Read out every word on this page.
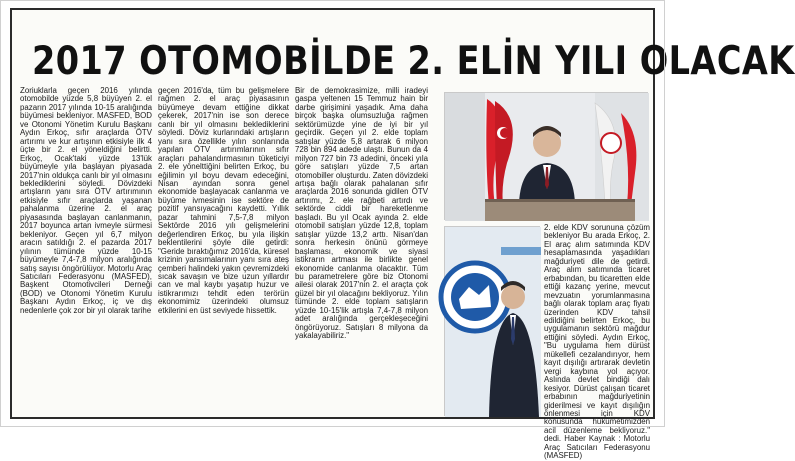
2017 OTOMOBİLDE 2. ELİN YILI OLACAK

Zoriuklarla geçen 2016 yılında otomobilde yüzde 5,8 büyüyen 2. el pazarın 2017 yılında 10-15 aralığında büyümesi bekleniyor. MASFED, BOD ve Otonomi Yönetim Kurulu Başkanı Aydın Erkoç, sıfır araçlarda ÖTV artırımı ve kur artışının etkisiyle ilk 4 üçte bir 2. el yöneldiğini belirtti. Erkoç, Ocak'taki yüzde 13'lük büyümeyle yıla başlayan piyasada 2017'nin oldukça canlı bir yıl olmasını beklediklerini söyledi. Dövizdeki artışların yanı sıra ÖTV artırımının etkisiyle sıfır araçlarda yaşanan pahalanma üzerine 2. el araç piyasasında başlayan canlanmanın, 2017 boyunca artan ivmeyle sürmesi bekleniyor. Geçen yıl 6,7 milyon aracın satıldığı 2. el pazarda 2017 yılının tümünde yüzde 10-15 büyümeyle 7,4-7,8 milyon aralığında satış sayısı öngörülüyor. Motorlu Araç Satıcıları Federasyonu (MASFED), Başkent Otomotivcileri Derneği (BOD) ve Otonomi Yönetim Kurulu Başkanı Aydın Erkoç, iç ve dış nedenlerle çok zor bir yıl olarak tarihe

geçen 2016'da, tüm bu gelişmelere rağmen 2. el araç piyasasının büyümeye devam ettiğine dikkat çekerek, 2017'nin ise son derece canlı bir yıl olmasını beklediklerini söyledi. Döviz kurlarındaki artışların yanı sıra özellikle yılın sonlarında yapılan ÖTV artırımlarının sıfır araçları pahalandırmasının tüketiciyi 2. ele yönelttiğini belirten Erkoç, bu eğilimin yıl boyu devam edeceğini, Nisan ayından sonra genel ekonomide başlayacak canlanma ve büyüme ivmesinin ise sektöre de pozitif yansıyacağını kaydetti. Yıllık pazar tahmini 7,5-7,8 milyon Sektörde 2016 yılı gelişmelerini değerlendiren Erkoç, bu yıla ilişkin beklentilerini şöyle dile getirdi: "Geride bıraktığımız 2016'da, küresel krizinin yansımalarının yanı sıra ateş çemberi halindeki yakın çevremizdeki sıcak savaşın ve bize uzun yıllardır can ve mal kaybı yaşatıp huzur ve istikrarımızı tehdit eden terörün ekonomimiz üzerindeki olumsuz etkilerini en üst seviyede hissettik.

Bir de demokrasimize, milli iradeyi gaspa yeltenen 15 Temmuz hain bir darbe girişimini yaşadık. Ama daha birçok başka olumsuzluğa rağmen sektörümüzde yine de iyi bir yıl geçirdik. Geçen yıl 2. elde toplam satışlar yüzde 5,8 artarak 6 milyon 728 bin 894 adede ulaştı. Bunun da 4 milyon 727 bin 73 adedini, önceki yıla göre satışları yüzde 7,5 artan otomobiller oluşturdu. Zaten dövizdeki artışa bağlı olarak pahalanan sıfır araçlarda 2016 sonunda gidilen ÖTV artırımı, 2. ele rağbeti artırdı ve sektörde ciddi bir hareketlenme başladı. Bu yıl Ocak ayında 2. elde otomobil satışları yüzde 12,8, toplam satışlar yüzde 13,2 arttı. Nisan'dan sonra herkesin önünü görmeye başlaması, ekonomik ve siyasi istikrarın artması ile birlikte genel ekonomide canlanma olacaktır. Tüm bu parametrelere göre biz Otonomi ailesi olarak 2017'nin 2. el araçta çok güzel bir yıl olacağını bekliyoruz. Yılın tümünde 2. elde toplam satışların yüzde 10-15'lik artışla 7,4-7,8 milyon adet aralığında gerçekleşeceğini öngörüyoruz. Satışları 8 milyona da yakalayabiliriz."

2. elde KDV sorununa çözüm bekleniyor Bu arada Erkoç, 2. El araç alım satımında KDV hesaplamasında yaşadıkları mağduriyeti dile de getirdi. Araç alım satımında ticaret erbabından, bu ticaretten elde ettiği kazanç yerine, mevcut mevzuatın yorumlanmasına bağlı olarak toplam araç fiyatı üzerinden KDV tahsil edildiğini belirten Erkoç, bu uygulamanın sektörü mağdur ettiğini söyledi. Aydın Erkoç, "Bu uygulama hem dürüst mükellefi cezalandırıyor, hem kayıt dışılığı artırarak devletin vergi kaybına yol açıyor. Aslında devlet bindiği dalı kesiyor. Dürüst çalışan ticaret erbabının mağduriyetinin giderilmesi ve kayıt dışılığın önlenmesi için KDV konusunda hükümetimizden acil düzenleme bekliyoruz." dedi. Haber Kaynak : Motorlu Araç Satıcıları Federasyonu (MASFED)
